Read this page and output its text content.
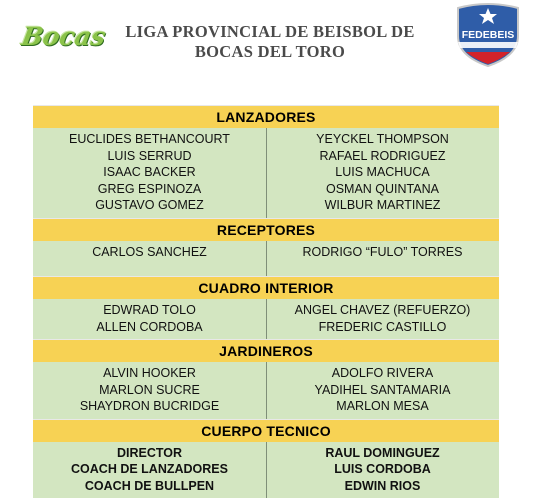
Bocas	LIGA PROVINCIAL DE BEISBOL DE
BOCAS DEL TORO
FEDEBEIS
LANZADORES
EUCLIDES BETHANCOURT	YEYCKEL THOMPSON
LUIS SERRUD	RAFAEL RODRIGUEZ
ISAAC BACKER	LUIS MACHUCA
GREG ESPINOZA	OSMAN QUINTANA
GUSTAVO GOMEZ	WILBUR MARTINEZ
RECEPTORES
CARLOS SANCHEZ	RODRIGO “FULO” TORRES
CUADRO INTERIOR
EDWRAD TOLO	ANGEL CHAVEZ (REFUERZO)
ALLEN CORDOBA	FREDERIC CASTILLO
JARDINEROS
ALVIN HOOKER	ADOLFO RIVERA
MARLON SUCRE	YADIHEL SANTAMARIA
SHAYDRON BUCRIDGE	MARLON MESA
CUERPO TECNICO
DIRECTOR	RAUL DOMINGUEZ
COACH DE LANZADORES	LUIS CORDOBA
COACH DE BULLPEN	EDWIN RIOS
